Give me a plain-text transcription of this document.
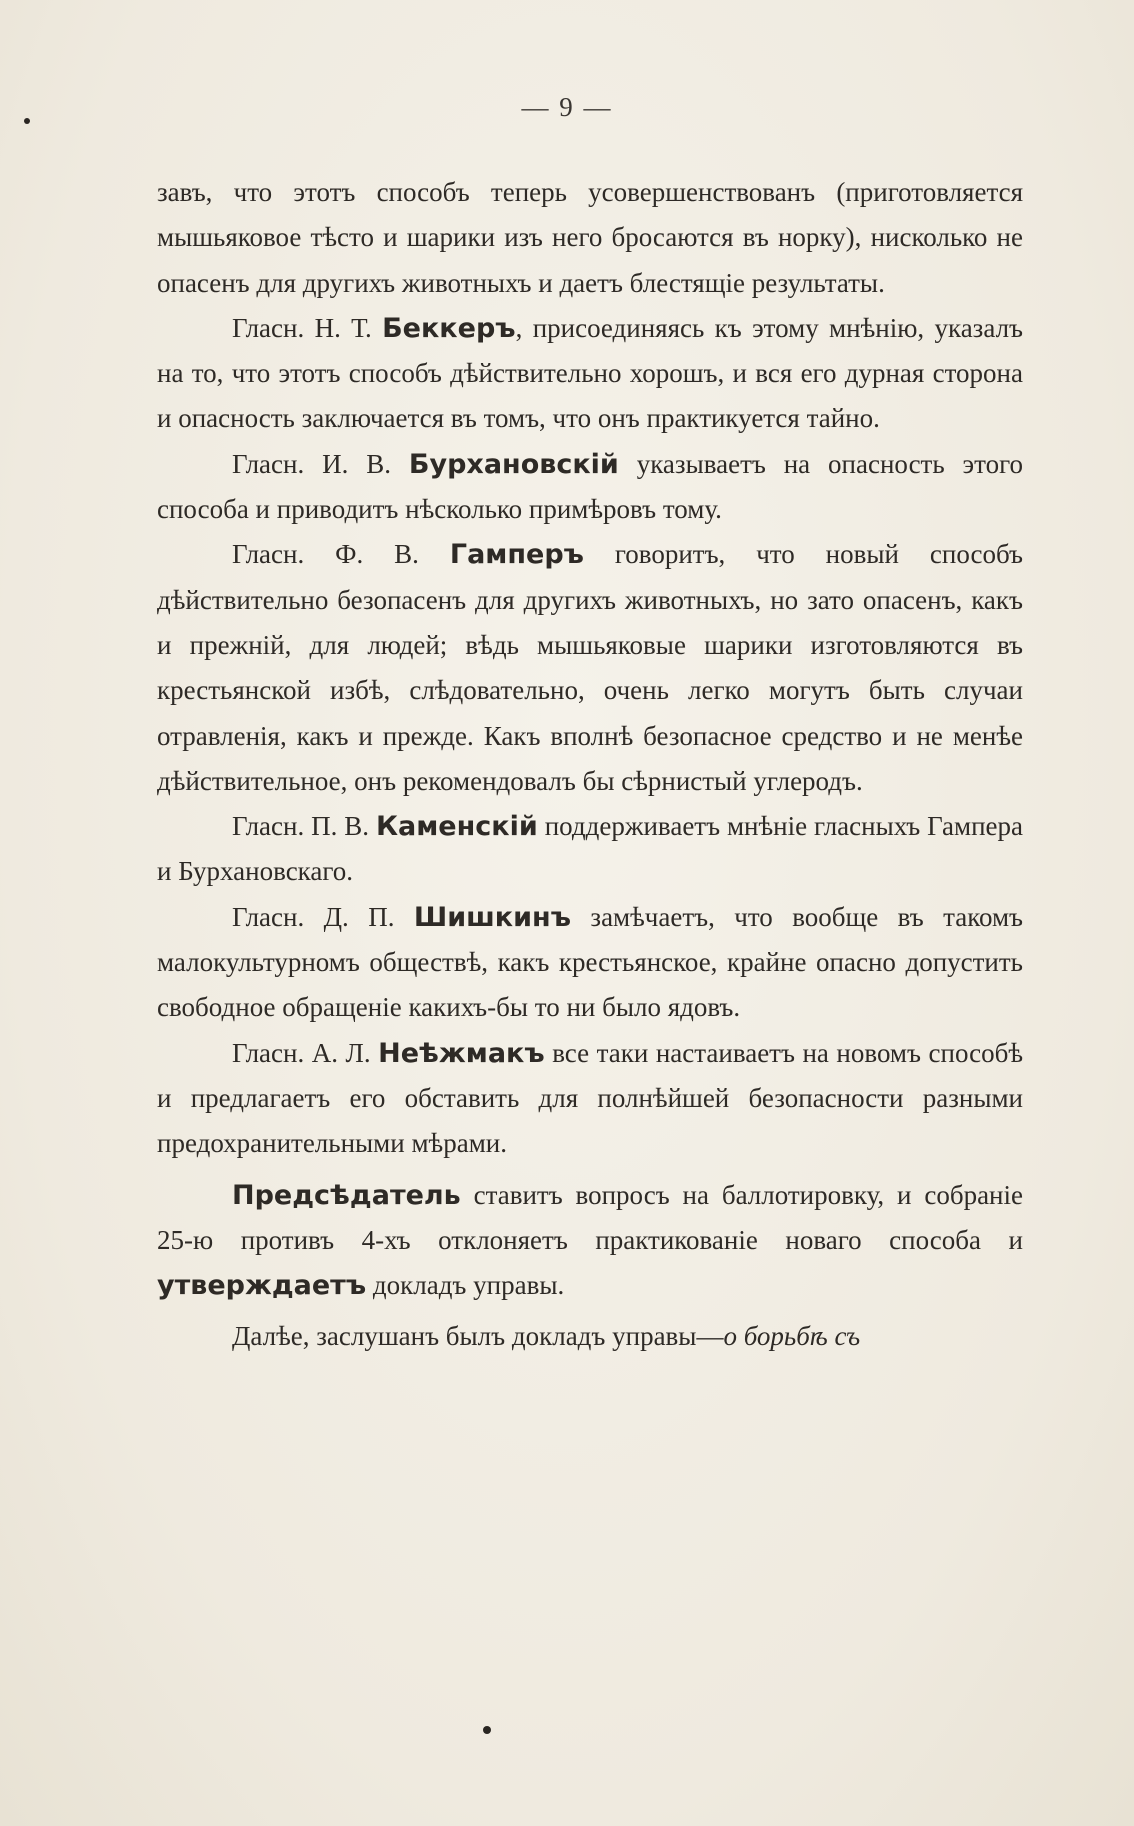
— 9 —

завъ, что этотъ способъ теперь усовершенствованъ (приготовляется мышьяковое тѣсто и шарики изъ него бросаются въ норку), нисколько не опасенъ для другихъ животныхъ и даетъ блестящіе результаты.

Гласн. Н. Т. Беккеръ, присоединяясь къ этому мнѣнію, указалъ на то, что этотъ способъ дѣйствительно хорошъ, и вся его дурная сторона и опасность заключается въ томъ, что онъ практикуется тайно.

Гласн. И. В. Бурхановскій указываетъ на опасность этого способа и приводитъ нѣсколько примѣровъ тому.

Гласн. Ф. В. Гамперъ говоритъ, что новый способъ дѣйствительно безопасенъ для другихъ животныхъ, но зато опасенъ, какъ и прежній, для людей; вѣдь мышьяковые шарики изготовляются въ крестьянской избѣ, слѣдовательно, очень легко могутъ быть случаи отравленія, какъ и прежде. Какъ вполнѣ безопасное средство и не менѣе дѣйствительное, онъ рекомендовалъ бы сѣрнистый углеродъ.

Гласн. П. В. Каменскій поддерживаетъ мнѣніе гласныхъ Гампера и Бурхановскаго.

Гласн. Д. П. Шишкинъ замѣчаетъ, что вообще въ такомъ малокультурномъ обществѣ, какъ крестьянское, крайне опасно допустить свободное обращеніе какихъ-бы то ни было ядовъ.

Гласн. А. Л. Неѣжмакъ все таки настаиваетъ на новомъ способѣ и предлагаетъ его обставить для полнѣйшей безопасности разными предохранительными мѣрами.

Предсѣдатель ставитъ вопросъ на баллотировку, и собраніе 25-ю противъ 4-хъ отклоняетъ практикованіе новаго способа и утверждаетъ докладъ управы.

Далѣе, заслушанъ былъ докладъ управы—о борьбѣ съ
